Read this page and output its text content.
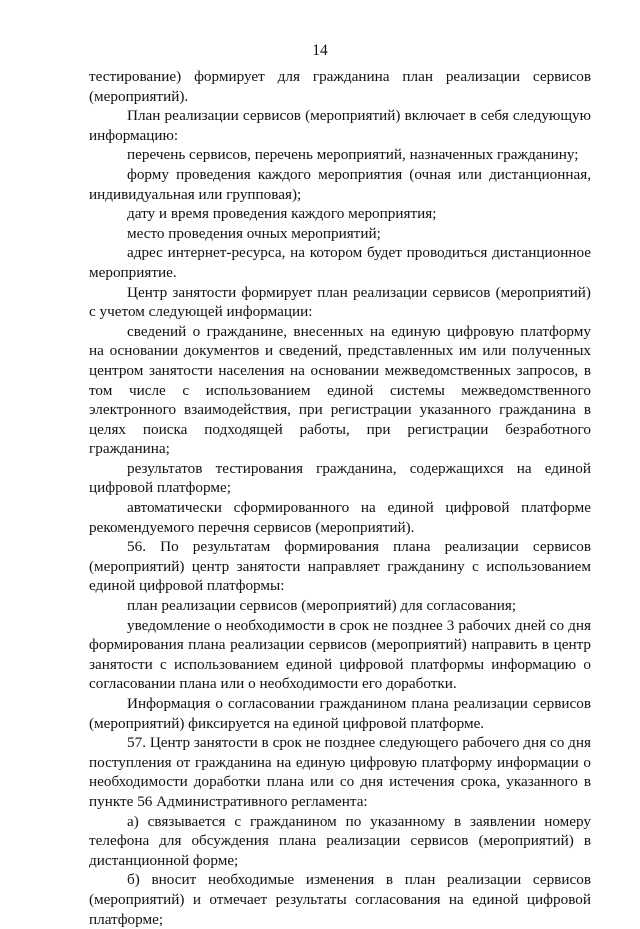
14

тестирование) формирует для гражданина план реализации сервисов (мероприятий).

План реализации сервисов (мероприятий) включает в себя следующую информацию:

перечень сервисов, перечень мероприятий, назначенных гражданину;

форму проведения каждого мероприятия (очная или дистанционная, индивидуальная или групповая);

дату и время проведения каждого мероприятия;

место проведения очных мероприятий;

адрес интернет-ресурса, на котором будет проводиться дистанционное мероприятие.

Центр занятости формирует план реализации сервисов (мероприятий) с учетом следующей информации:

сведений о гражданине, внесенных на единую цифровую платформу на основании документов и сведений, представленных им или полученных центром занятости населения на основании межведомственных запросов, в том числе с использованием единой системы межведомственного электронного взаимодействия, при регистрации указанного гражданина в целях поиска подходящей работы, при регистрации безработного гражданина;

результатов тестирования гражданина, содержащихся на единой цифровой платформе;

автоматически сформированного на единой цифровой платформе рекомендуемого перечня сервисов (мероприятий).

56. По результатам формирования плана реализации сервисов (мероприятий) центр занятости направляет гражданину с использованием единой цифровой платформы:

план реализации сервисов (мероприятий) для согласования;

уведомление о необходимости в срок не позднее 3 рабочих дней со дня формирования плана реализации сервисов (мероприятий) направить в центр занятости с использованием единой цифровой платформы информацию о согласовании плана или о необходимости его доработки.

Информация о согласовании гражданином плана реализации сервисов (мероприятий) фиксируется на единой цифровой платформе.

57. Центр занятости в срок не позднее следующего рабочего дня со дня поступления от гражданина на единую цифровую платформу информации о необходимости доработки плана или со дня истечения срока, указанного в пункте 56 Административного регламента:

а) связывается с гражданином по указанному в заявлении номеру телефона для обсуждения плана реализации сервисов (мероприятий) в дистанционной форме;

б) вносит необходимые изменения в план реализации сервисов (мероприятий) и отмечает результаты согласования на единой цифровой платформе;
